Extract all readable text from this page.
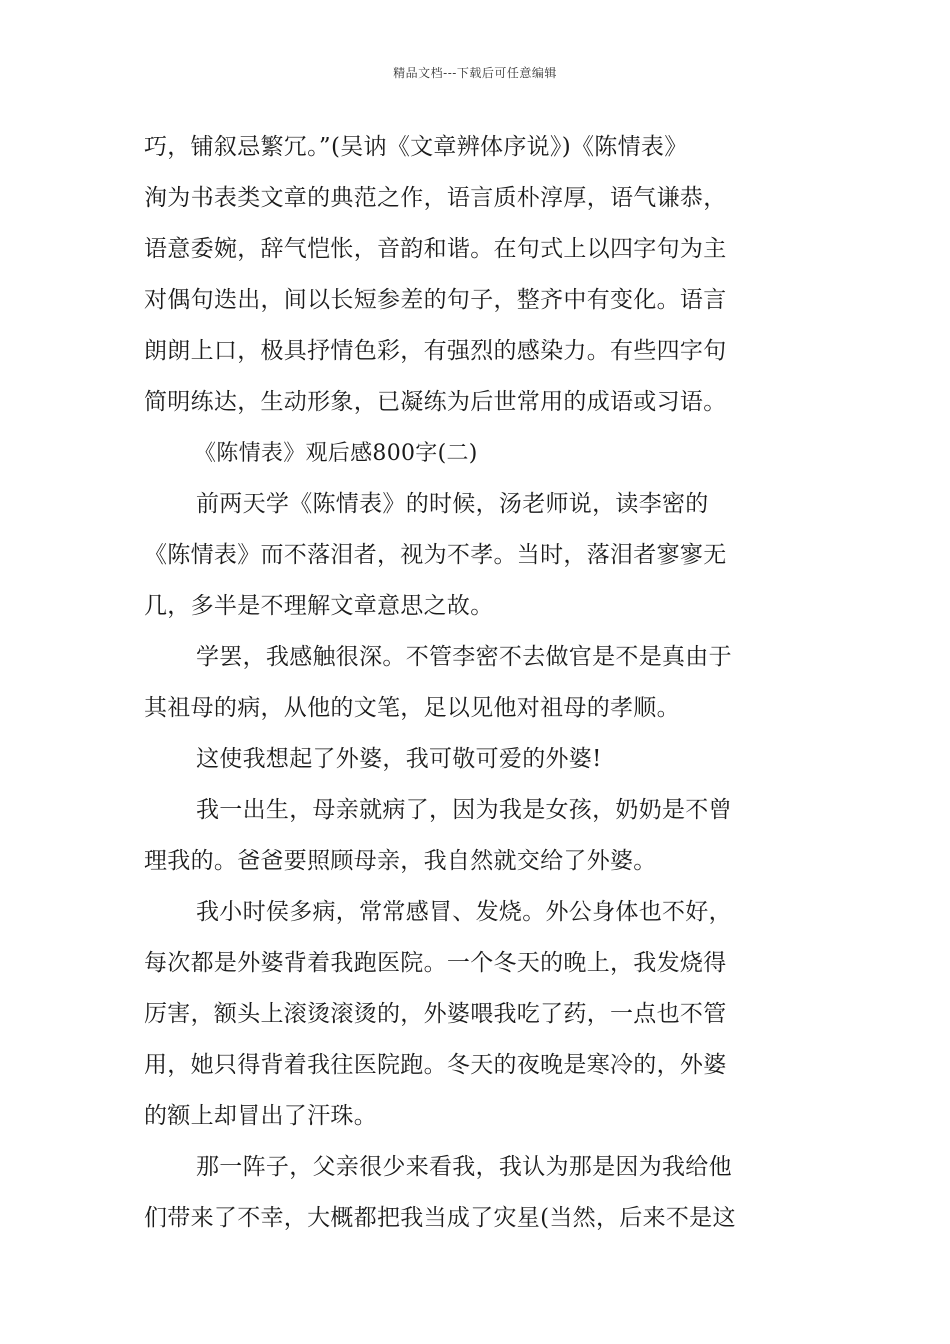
精品文档---下载后可任意编辑
巧，铺叙忌繁冗。”(吴讷《文章辨体序说》)《陈情表》
洵为书表类文章的典范之作，语言质朴淳厚，语气谦恭，
语意委婉，辞气恺怅，音韵和谐。在句式上以四字句为主
对偶句迭出，间以长短参差的句子，整齐中有变化。语言
朗朗上口，极具抒情色彩，有强烈的感染力。有些四字句
简明练达，生动形象，已凝练为后世常用的成语或习语。
《陈情表》观后感800字(二)
前两天学《陈情表》的时候，汤老师说，读李密的
《陈情表》而不落泪者，视为不孝。当时，落泪者寥寥无
几，多半是不理解文章意思之故。
学罢，我感触很深。不管李密不去做官是不是真由于
其祖母的病，从他的文笔，足以见他对祖母的孝顺。
这使我想起了外婆，我可敬可爱的外婆!
我一出生，母亲就病了，因为我是女孩，奶奶是不曾
理我的。爸爸要照顾母亲，我自然就交给了外婆。
我小时侯多病，常常感冒、发烧。外公身体也不好，
每次都是外婆背着我跑医院。一个冬天的晚上，我发烧得
厉害，额头上滚烫滚烫的，外婆喂我吃了药，一点也不管
用，她只得背着我往医院跑。冬天的夜晚是寒冷的，外婆
的额上却冒出了汗珠。
那一阵子，父亲很少来看我，我认为那是因为我给他
们带来了不幸，大概都把我当成了灾星(当然，后来不是这
